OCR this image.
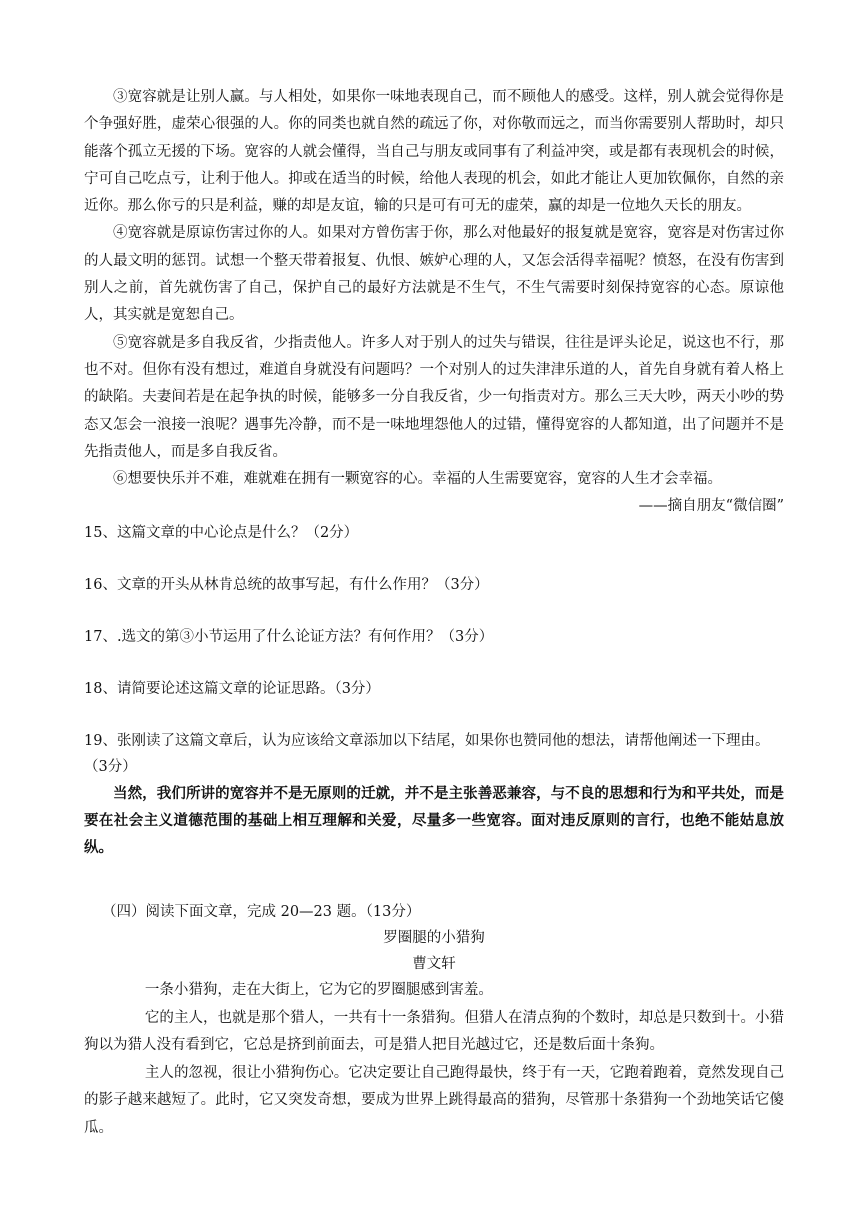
③宽容就是让别人赢。与人相处，如果你一味地表现自己，而不顾他人的感受。这样，别人就会觉得你是个争强好胜，虚荣心很强的人。你的同类也就自然的疏远了你，对你敬而远之，而当你需要别人帮助时，却只能落个孤立无援的下场。宽容的人就会懂得，当自己与朋友或同事有了利益冲突，或是都有表现机会的时候，宁可自己吃点亏，让利于他人。抑或在适当的时候，给他人表现的机会，如此才能让人更加钦佩你，自然的亲近你。那么你亏的只是利益，赚的却是友谊，输的只是可有可无的虚荣，赢的却是一位地久天长的朋友。

④宽容就是原谅伤害过你的人。如果对方曾伤害于你，那么对他最好的报复就是宽容，宽容是对伤害过你的人最文明的惩罚。试想一个整天带着报复、仇恨、嫉妒心理的人，又怎会活得幸福呢？愤怒，在没有伤害到别人之前，首先就伤害了自己，保护自己的最好方法就是不生气，不生气需要时刻保持宽容的心态。原谅他人，其实就是宽恕自己。

⑤宽容就是多自我反省，少指责他人。许多人对于别人的过失与错误，往往是评头论足，说这也不行，那也不对。但你有没有想过，难道自身就没有问题吗？一个对别人的过失津津乐道的人，首先自身就有着人格上的缺陷。夫妻间若是在起争执的时候，能够多一分自我反省，少一句指责对方。那么三天大吵，两天小吵的势态又怎会一浪接一浪呢？遇事先冷静，而不是一味地埋怨他人的过错，懂得宽容的人都知道，出了问题并不是先指责他人，而是多自我反省。

⑥想要快乐并不难，难就难在拥有一颗宽容的心。幸福的人生需要宽容，宽容的人生才会幸福。

——摘自朋友“微信圈”

15、这篇文章的中心论点是什么？（2分）

16、文章的开头从林肯总统的故事写起，有什么作用？（3分）

17、.选文的第③小节运用了什么论证方法？有何作用？（3分）

18、请简要论述这篇文章的论证思路。（3分）

19、张刚读了这篇文章后，认为应该给文章添加以下结尾，如果你也赞同他的想法，请帮他阐述一下理由。（3分）

当然，我们所讲的宽容并不是无原则的迁就，并不是主张善恶兼容，与不良的思想和行为和平共处，而是要在社会主义道德范围的基础上相互理解和关爱，尽量多一些宽容。面对违反原则的言行，也绝不能姑息放纵。

（四）阅读下面文章，完成 20—23 题。（13分）

罗圈腿的小猎狗

曹文轩

一条小猎狗，走在大街上，它为它的罗圈腿感到害羞。

它的主人，也就是那个猎人，一共有十一条猎狗。但猎人在清点狗的个数时，却总是只数到十。小猎狗以为猎人没有看到它，它总是挤到前面去，可是猎人把目光越过它，还是数后面十条狗。

主人的忽视，很让小猎狗伤心。它决定要让自己跑得最快，终于有一天，它跑着跑着，竟然发现自己的影子越来越短了。此时，它又突发奇想，要成为世界上跳得最高的猎狗，尽管那十条猎狗一个劲地笑话它傻瓜。
